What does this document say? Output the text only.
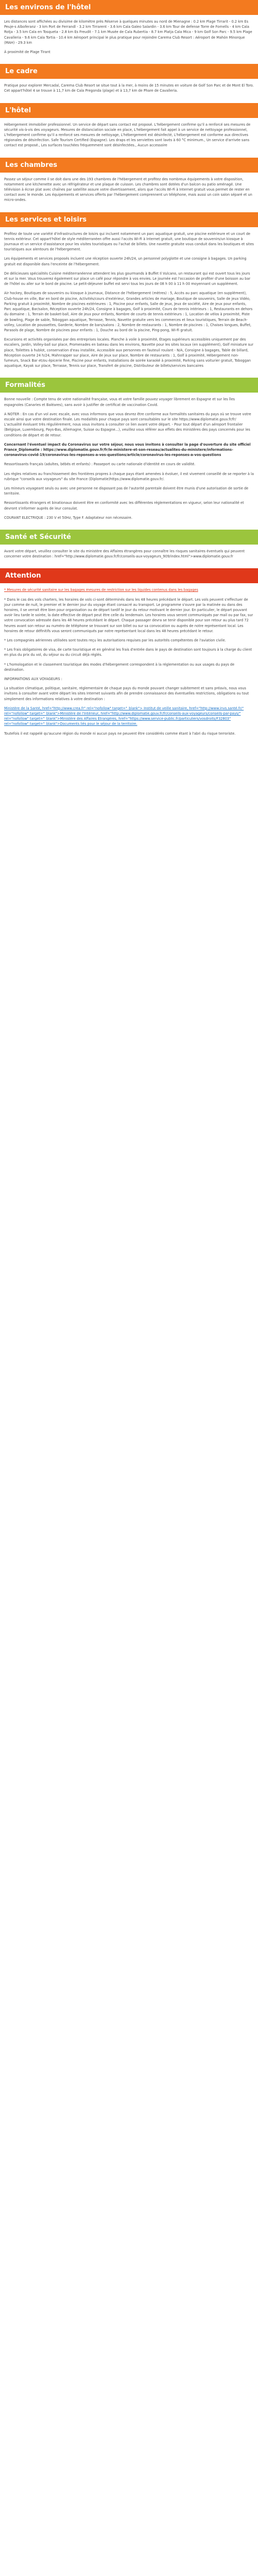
Les environs de l'hôtel

Les distances sont affichées au divisime de kilomètre près Réserve à quelques minutes au nord de Mienagne : 0.2 km Plage Tirrarit - 0.2 km Es Peuje-s Alboferanz - 3 km Port de Ferrandl - 3.2 km Tirrarent - 3.6 km Cala Galeo Salardin - 3.6 km Tour de defense Torre de Fornells - 4 km Cala Rotja - 3.5 km Cala en Tosqueta - 2.8 km Es Freudit - 7.1 km Musée de Cala Rubertia - 8.7 km Platja Cala Mica - 9 km Golf Son Parc - 9.5 km Plage Cavalleria - 9.6 km Cala Tortia - 10.4 km Aéroport principal le plus pratique pour rejoindre Carema Club Resort : Aéroport de Mahón Minorque (MAH) - 29.3 km

À proximité de Plage Tirant

Le cadre

Pratique pour explorer Mercadal, Carema Club Resort se situe tout à la mer, à moins de 15 minutes en voiture de Golf Son Parc et de Mont El Toro. Cet appart'hôtel 4 se trouve à 11,7 km de Cala Pregonda (plage) et à 13,7 km de Phare de Cavalleria.

L'hôtel

Hébergement immobilier professionnel. Un service de départ sans contact est proposé. L'hébergement confirme qu'il a renforcé ses mesures de sécurité vis-à-vis des voyageurs. Mesures de distanciation sociale en place, L'hébergement fait appel à un service de nettoyage professionnel, L'hébergement confirme qu'il a renforcé ses mesures de nettoyage, L'hébergement est désinfecté, L'hébergement est conforme aux directives régionales de désinfection. Safe Tourism Certified (Espagne). Les draps et les serviettes sont lavés à 60 °C minimum., Un service d'arrivée sans contact est proposé., Les surfaces touchées fréquemment sont désinfectées., Aucun accessoire

Les chambres

Passez un séjour comme il se doit dans une des 193 chambres de l'hébergement et profitez des nombreux équipements à votre disposition, notamment une kitchenette avec un réfrigérateur et une plaque de cuisson. Les chambres sont dotées d'un balcon ou patio aménagé. Une télévision à écran plat avec chaînes par satellite assure votre divertissement, alors que l'accès Wi-Fi à Internet gratuit vous permet de rester en contact avec le monde. Les équipements et services offerts par l'hébergement comprennent un téléphone, mais aussi un coin salon séparé et un micro-ondes.

Les services et loisirs

Profitez de toute une variété d'infrastructures de loisirs qui incluent notamment un parc aquatique gratuit, une piscine extérieure et un court de tennis extérieur. Cet appart'hôtel de style méditerranéen offre aussi l'accès Wi-Fi à Internet gratuit, une boutique de souvenirs/un kiosque à journaux et un service d'assistance pour les visites touristiques ou l'achat de billets. Une navette gratuite vous conduit dans les boutiques et sites touristiques aux alentours de l'hébergement.

Les équipements et services proposés incluent une réception ouverte 24h/24, un personnel polyglotte et une consigne à bagages. Un parking gratuit est disponible dans l'enceinte de l'hébergement.

De délicieuses spécialités Cuisine méditerranéenne attendent les plus gourmands à Buffet Il Vulcano, un restaurant qui est ouvert tous les jours et sur la mer. Vous trouverez également sur place un café pour répondre à vos envies. Le journée est l'occasion de profiter d'une boisson au bar de l'hôtel ou aller sur le bord de piscine. Le petit-déjeuner buffet est servi tous les jours de 08 h 00 à 11 h 00 moyennant un supplément.

Air hockey, Boutiques de souvenirs ou kiosque à journaux, Distance de l'hébergement (mètres) : 5, Accès au parc aquatique (en supplément), Club-house en ville, Bar en bord de piscine, Activités/cours d'extérieur, Grandes articles de mariage, Boutique de souvenirs, Salle de jeux Vidéo, Parking gratuit à proximité, Nombre de piscines extérieures : 1, Piscine pour enfants, Salle de jeux, Jeux de société, Aire de jeux pour enfants, Parc aquatique, Bar/salon, Réception ouverte 24h/24, Consigne à bagages, Golf à proximité, Cours de tennis intérieurs : 1, Restaurants en dehors du domaine : 1, Terrain de basket-ball, Aire de jeux pour enfants, Nombre de courts de tennis extérieurs : 1, Location de vélos à proximité, Piste de bowling, Plage de sable, Toboggan aquatique, Terrasse, Tennis, Navette gratuite vers les commerces et lieux touristiques, Terrain de Beach-volley, Location de poussettes, Garderie, Nombre de bars/salons : 2, Nombre de restaurants : 1, Nombre de piscines : 1, Chaises longues, Buffet, Parasols de plage, Nombre de piscines pour enfants : 1, Douche au bord de la piscine, Ping-pong, Wi-Fi gratuit.

Excursions et activités organisées par des entreprises locales. Planche à voile à proximité, Étages supérieurs accessibles uniquement par des escaliers, Jardin, Volley-ball sur place, Promenades en bateau dans les environs, Navette pour les sites locaux (en supplément), Golf miniature sur place, Toilettes à hublot, conservation d'eau installée, Accessible aux personnes en fauteuil roulant - N/A, Consigne à bagages, Table de billard, Réception ouverte 24 h/24, Mahnrapper sur place, Aire de jeux sur place, Nombre de restaurants : 1, Golf à proximité, Hébergement non-fumeurs, Snack Bar et/ou épicerie fine, Piscine pour enfants, Installations de soirée karaoké à proximité, Parking sans voiturier gratuit, Toboggan aquatique, Kayak sur place, Terrasse, Tennis sur place, Transfert de piscine, Distributeur de billets/services bancaires

Formalités

Bonne nouvelle : Compte tenu de votre nationalité française, vous et votre famille pouvez voyager librement en Espagne et sur les îles espagnoles (Canaries et Baléares), sans avoir à justifier de certificat de vaccination Covid.

A NOTER : En cas d'un vol avec escale, avec vous informons que vous devrez être conforme aux formalités sanitaires du pays où se trouve votre escale ainsi que votre destination finale. Les modalités pour chaque pays sont consultables sur le site https://www.diplomatie.gouv.fr/fr/ L'actualité évoluant très régulièrement, nous vous invitons à consulter ce lien avant votre départ. - Pour tout départ d'un aéroport frontalier (Belgique, Luxembourg, Pays-Bas, Allemagne, Suisse ou Espagne...), veuillez vous référer aux effets des ministères des pays concernés pour les conditions de départ et de retour.

Concernant l'éventuel impact du Coronavirus sur votre séjour, nous vous invitons à consulter la page d'ouverture du site officiel France_Diplomatie : https://www.diplomatie.gouv.fr/fr/le-ministere-et-son-reseau/actualites-du-ministere/informations-coronavirus-covid-19/coronavirus-les-reponses-a-vos-questions/article/coronavirus-les-reponses-a-vos-questions

Ressortissants français (adultes, bébés et enfants) : Passeport ou carte nationale d'identité en cours de validité.

Les règles relatives au franchissement des frontières propres à chaque pays étant amenées à évoluer, il est vivement conseillé de se reporter à la rubrique "conseils aux voyageurs" du site France (Diplomatie)https://www.diplomatie.gouv.fr/.

Les mineurs voyageant seuls ou avec une personne ne disposant pas de l'autorité parentale doivent être munis d'une autorisation de sortie de territoire.

Ressortissants étrangers et binationaux doivent être en conformité avec les différentes réglementations en vigueur, selon leur nationalité et devront s'informer auprès de leur consulat.

COURANT ELECTRIQUE : 230 V et 50Hz, Type F. Adaptateur non nécessaire.

Santé et Sécurité

Avant votre départ, veuillez consulter le site du ministère des Affaires étrangères pour connaître les risques sanitaires éventuels qui peuvent concerner votre destination : href="http://www.diplomatie.gouv.fr/fr/conseils-aux-voyageurs_909/index.html">www.diplomatie.gouv.fr

Attention

* Mesures de sécurité sanitaire sur les bagages mesures de restriction sur les liquides contenus dans les bagages

* Dans le cas des vols charters, les horaires de vols ci-sont déterminés dans les 48 heures précédant le départ. Les vols peuvent s'effectuer de jour comme de nuit, le premier et le dernier jour du voyage étant consacré au transport. Le programme s'ouvre par la matinée ou dans des horaires, il se verrait être bien pour organisation ou de départ tardif le jour du retour motivant le dernier jour. En particulier, le départ pouvant avoir lieu tarde le soirée, la date effective de départ peut être celle du lendemain. Les horaires vous seront communiqués par mail ou par fax, sur votre convocation adressée dans les 48 heures précédant le départ. Chaque passager devra se tenir disponible pour son retour au plus tard 72 heures avant son retour au numéro de téléphone se trouvant sur son billet ou sur sa convocation ou auprès de notre représentant local. Les horaires de retour définitifs vous seront communiqués par notre représentant local dans les 48 heures précédant le retour.

* Les compagnies aériennes utilisées sont toutes reçu les autorisations requises par les autorités compétentes de l'aviation civile.

* Les frais obligatoires de visa, de carte touristique et en général les frais d'entrée dans le pays de destination sont toujours à la charge du client en plus du prix du vol, du séjour ou du circuit déjà réglés.

* L'homologation et le classement touristique des modes d'hébergement correspondent à la réglementation ou aux usages du pays de destination.

INFORMATIONS AUX VOYAGEURS :

La situation climatique, politique, sanitaire, réglementaire de chaque pays du monde pouvant changer subitement et sans préavis, nous vous invitons à consulter avant votre départ les sites Internet suivants afin de prendre connaissance des éventuelles restrictions, obligations ou tout simplement des informations relatives à votre destination :

Ministère de la Santé, href="http://www.crea.fr" rel="nofollow" target="_blank"> Institut de veille sanitaire, href="http://www.invs.santé.fr/" rel="nofollow" target="_blank">Ministère de l'Intérieur, href="http://www.diplomatie.gouv.fr/fr/conseils-aux-voyageurs/conseils-par-pays/" rel="nofollow" target="_blank">Ministère des Affaires Étrangères, href="https://www.service-public.fr/particuliers/vosdroits/F32803" rel="nofollow" target="_blank">Documents liés pour le séjour de la territoire.

Toutefois il est rappelé qu'aucune région du monde ni aucun pays ne peuvent être considérés comme étant à l'abri du risque terroriste.
